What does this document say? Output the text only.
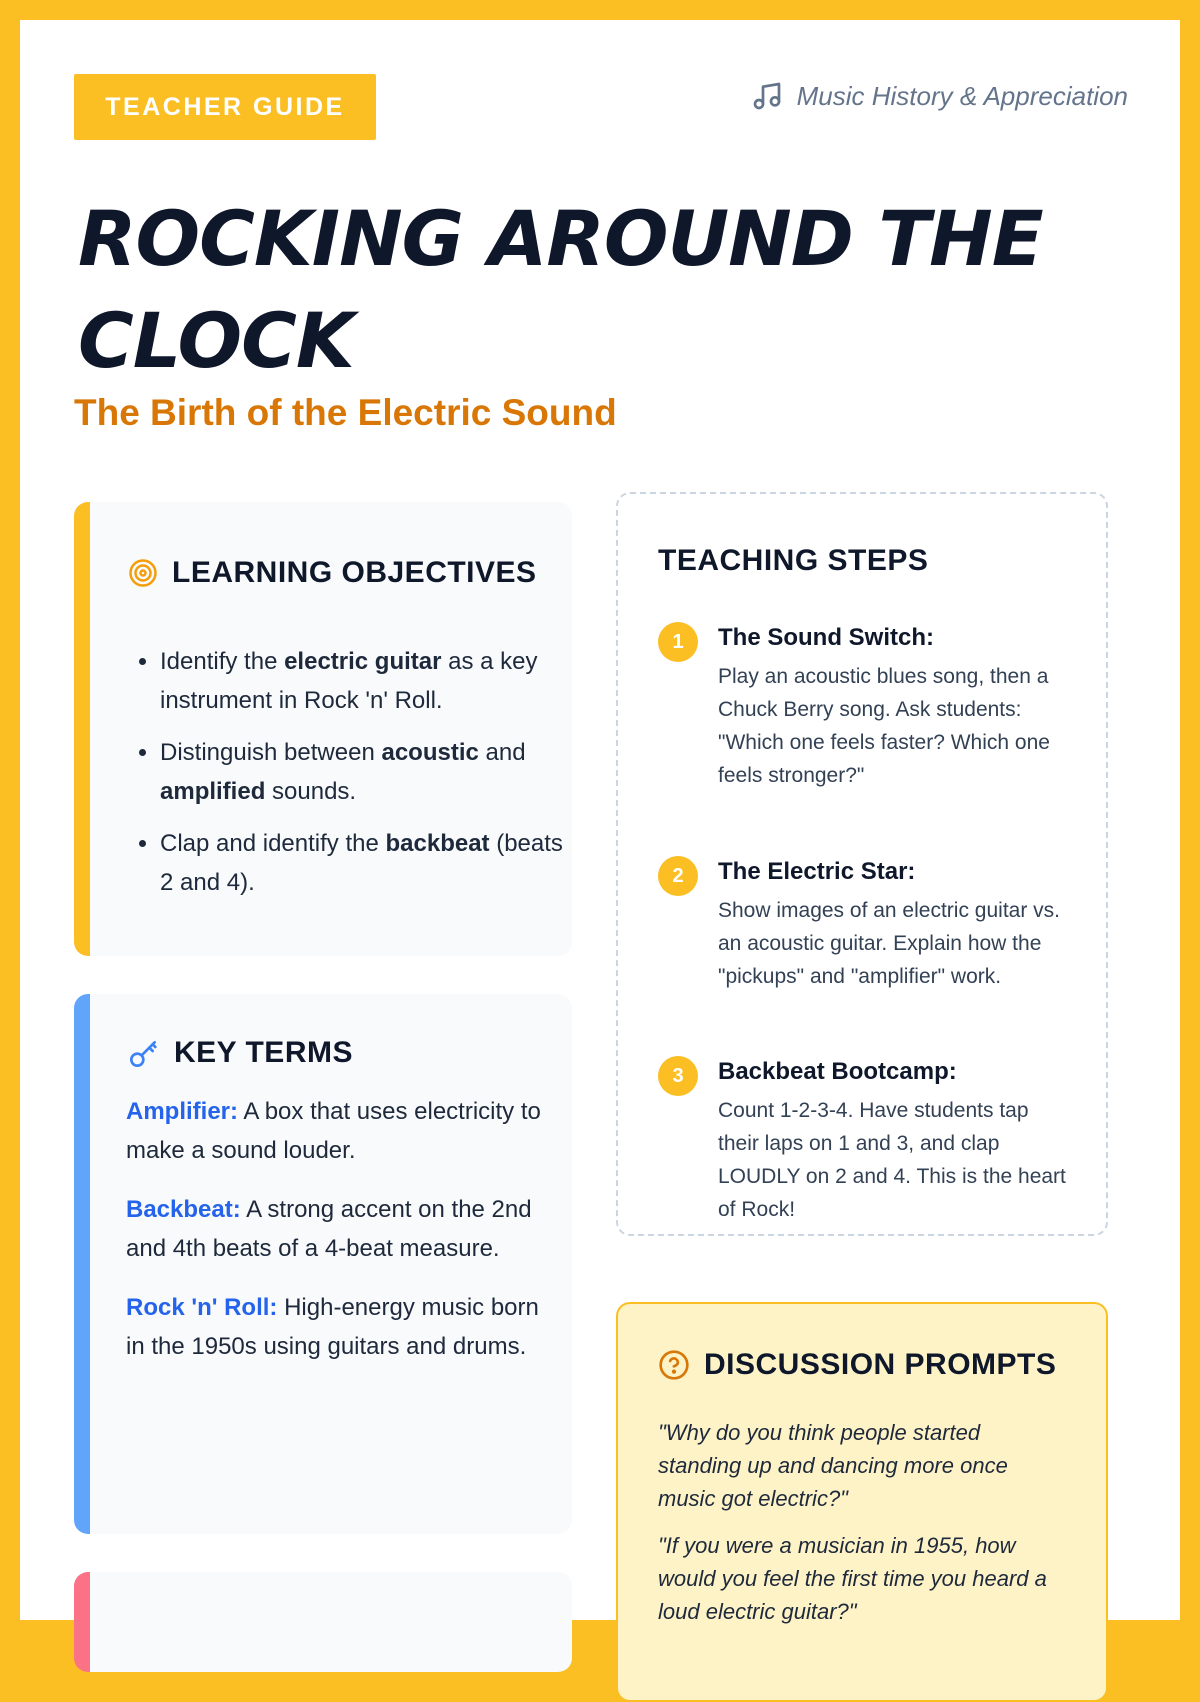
TEACHER GUIDE	Music History & Appreciation
ROCKING AROUND THE CLOCK
The Birth of the Electric Sound
LEARNING OBJECTIVES
• Identify the electric guitar as a key instrument in Rock 'n' Roll.
• Distinguish between acoustic and amplified sounds.
• Clap and identify the backbeat (beats 2 and 4).
KEY TERMS

Amplifier: A box that uses electricity to make a sound louder.

Backbeat: A strong accent on the 2nd and 4th beats of a 4-beat measure.

Rock 'n' Roll: High-energy music born in the 1950s using guitars and drums.

TEACHING STEPS
1	The Sound Switch:
Play an acoustic blues song, then a Chuck Berry song. Ask students: "Which one feels faster? Which one feels stronger?"
2	The Electric Star:
Show images of an electric guitar vs. an acoustic guitar. Explain how the "pickups" and "amplifier" work.
3	Backbeat Bootcamp:
Count 1-2-3-4. Have students tap their laps on 1 and 3, and clap LOUDLY on 2 and 4. This is the heart of Rock!
DISCUSSION PROMPTS

"Why do you think people started standing up and dancing more once music got electric?"

"If you were a musician in 1955, how would you feel the first time you heard a loud electric guitar?"
